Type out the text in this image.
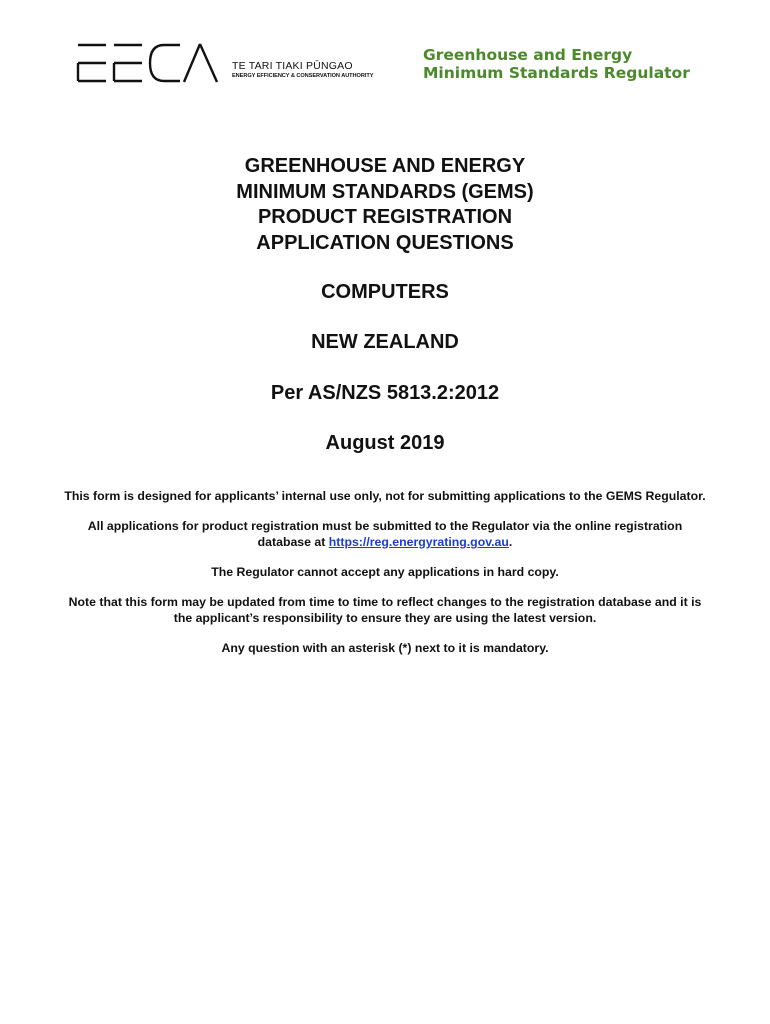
TE TARI TIAKI PŪNGAO
ENERGY EFFICIENCY & CONSERVATION AUTHORITY
Greenhouse and Energy
Minimum Standards Regulator
GREENHOUSE AND ENERGY
MINIMUM STANDARDS (GEMS)
PRODUCT REGISTRATION
APPLICATION QUESTIONS
COMPUTERS
NEW ZEALAND
Per AS/NZS 5813.2:2012
August 2019

This form is designed for applicants’ internal use only, not for submitting applications to the GEMS Regulator.

All applications for product registration must be submitted to the Regulator via the online registration database at https://reg.energyrating.gov.au.

The Regulator cannot accept any applications in hard copy.

Note that this form may be updated from time to time to reflect changes to the registration database and it is the applicant’s responsibility to ensure they are using the latest version.

Any question with an asterisk (*) next to it is mandatory.
